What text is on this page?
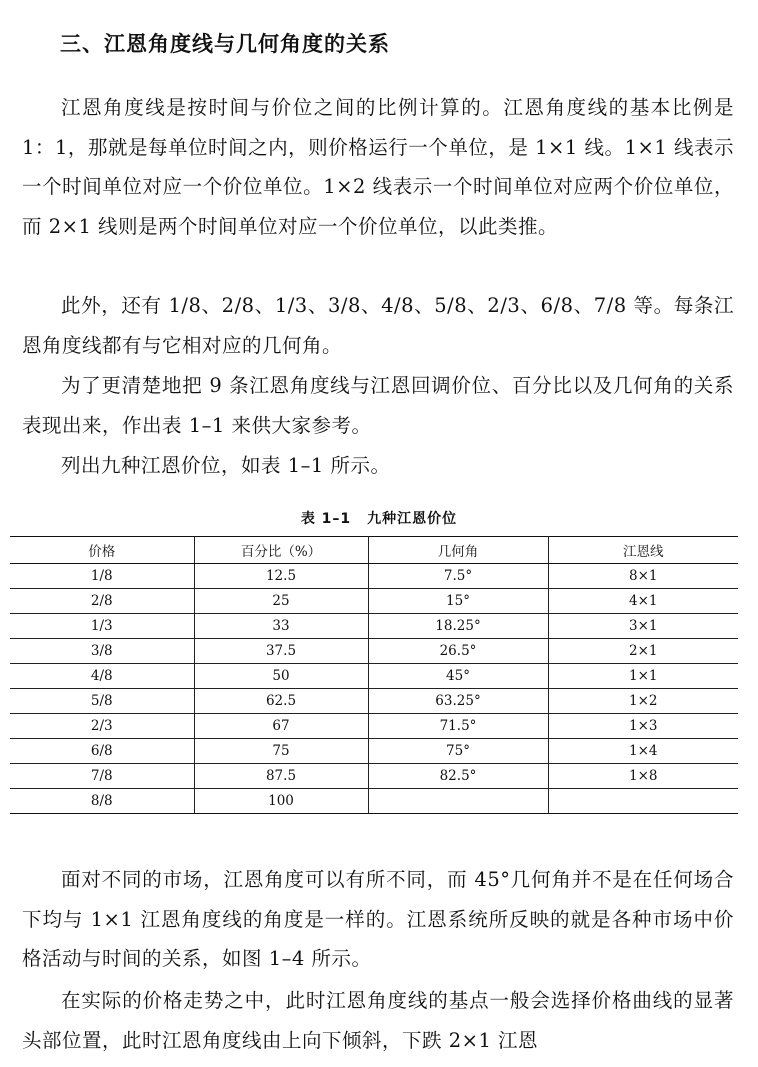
三、江恩角度线与几何角度的关系

江恩角度线是按时间与价位之间的比例计算的。江恩角度线的基本比例是 1：1，那就是每单位时间之内，则价格运行一个单位，是 1×1 线。1×1 线表示一个时间单位对应一个价位单位。1×2 线表示一个时间单位对应两个价位单位，而 2×1 线则是两个时间单位对应一个价位单位，以此类推。

此外，还有 1/8、2/8、1/3、3/8、4/8、5/8、2/3、6/8、7/8 等。每条江恩角度线都有与它相对应的几何角。

为了更清楚地把 9 条江恩角度线与江恩回调价位、百分比以及几何角的关系表现出来，作出表 1–1 来供大家参考。

列出九种江恩价位，如表 1–1 所示。

表 1–1 九种江恩价位
价格	百分比（%）	几何角	江恩线
1/8	12.5	7.5°	8×1
2/8	25	15°	4×1
1/3	33	18.25°	3×1
3/8	37.5	26.5°	2×1
4/8	50	45°	1×1
5/8	62.5	63.25°	1×2
2/3	67	71.5°	1×3
6/8	75	75°	1×4
7/8	87.5	82.5°	1×8
8/8	100		

面对不同的市场，江恩角度可以有所不同，而 45°几何角并不是在任何场合下均与 1×1 江恩角度线的角度是一样的。江恩系统所反映的就是各种市场中价格活动与时间的关系，如图 1–4 所示。

在实际的价格走势之中，此时江恩角度线的基点一般会选择价格曲线的显著头部位置，此时江恩角度线由上向下倾斜，下跌 2×1 江恩
